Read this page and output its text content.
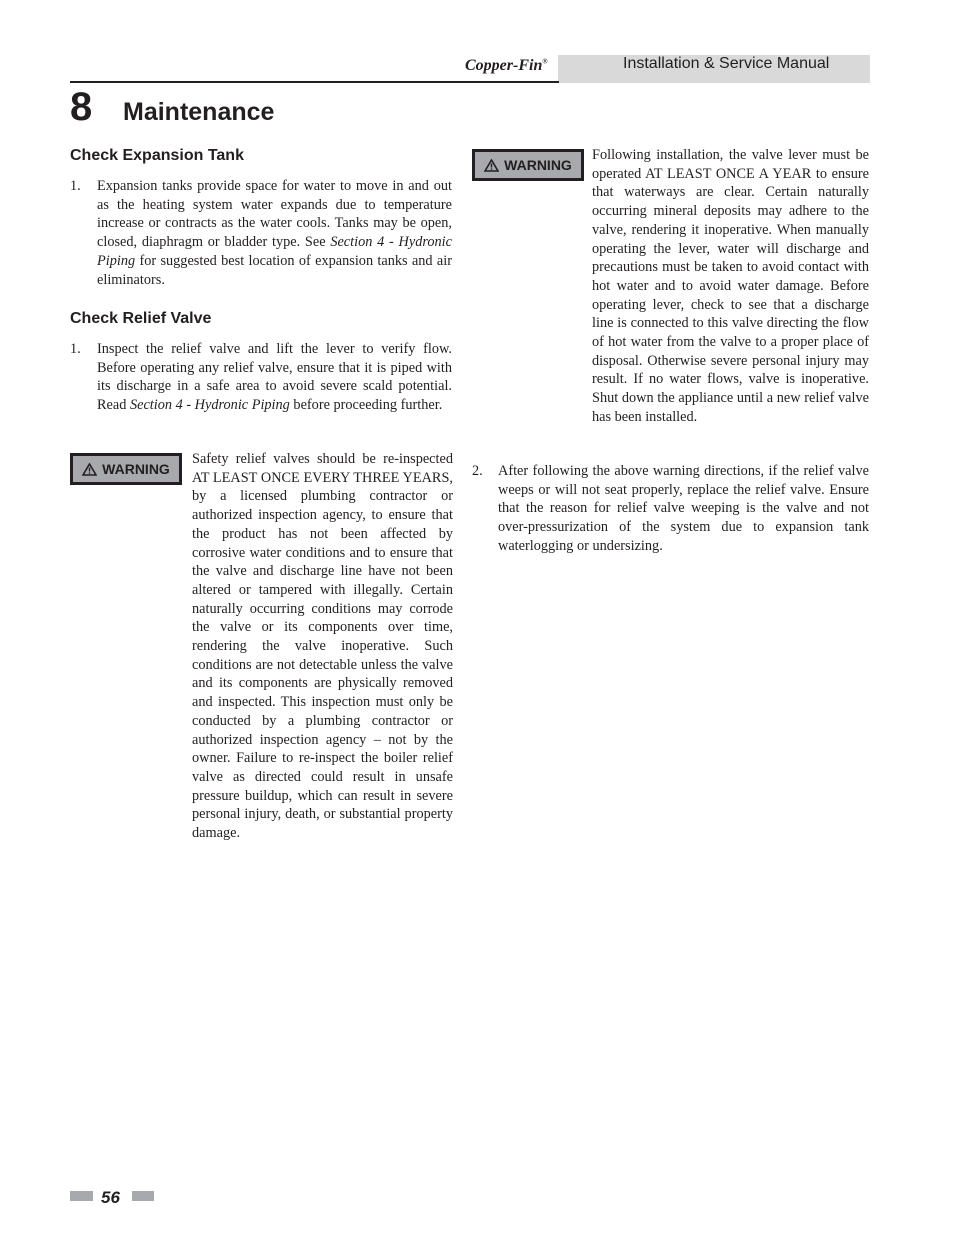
Copper-Fin®	Installation & Service Manual
8 Maintenance
Check Expansion Tank
1. Expansion tanks provide space for water to move in and out as the heating system water expands due to temperature increase or contracts as the water cools. Tanks may be open, closed, diaphragm or bladder type. See Section 4 - Hydronic Piping for suggested best location of expansion tanks and air eliminators.
Check Relief Valve
1. Inspect the relief valve and lift the lever to verify flow. Before operating any relief valve, ensure that it is piped with its discharge in a safe area to avoid severe scald potential. Read Section 4 - Hydronic Piping before proceeding further.
WARNING
Safety relief valves should be re-inspected AT LEAST ONCE EVERY THREE YEARS, by a licensed plumbing contractor or authorized inspection agency, to ensure that the product has not been affected by corrosive water conditions and to ensure that the valve and discharge line have not been altered or tampered with illegally. Certain naturally occurring conditions may corrode the valve or its components over time, rendering the valve inoperative. Such conditions are not detectable unless the valve and its components are physically removed and inspected. This inspection must only be conducted by a plumbing contractor or authorized inspection agency – not by the owner. Failure to re-inspect the boiler relief valve as directed could result in unsafe pressure buildup, which can result in severe personal injury, death, or substantial property damage.
WARNING
Following installation, the valve lever must be operated AT LEAST ONCE A YEAR to ensure that waterways are clear. Certain naturally occurring mineral deposits may adhere to the valve, rendering it inoperative. When manually operating the lever, water will discharge and precautions must be taken to avoid contact with hot water and to avoid water damage. Before operating lever, check to see that a discharge line is connected to this valve directing the flow of hot water from the valve to a proper place of disposal. Otherwise severe personal injury may result. If no water flows, valve is inoperative. Shut down the appliance until a new relief valve has been installed.
2. After following the above warning directions, if the relief valve weeps or will not seat properly, replace the relief valve. Ensure that the reason for relief valve weeping is the valve and not over-pressurization of the system due to expansion tank waterlogging or undersizing.
56
